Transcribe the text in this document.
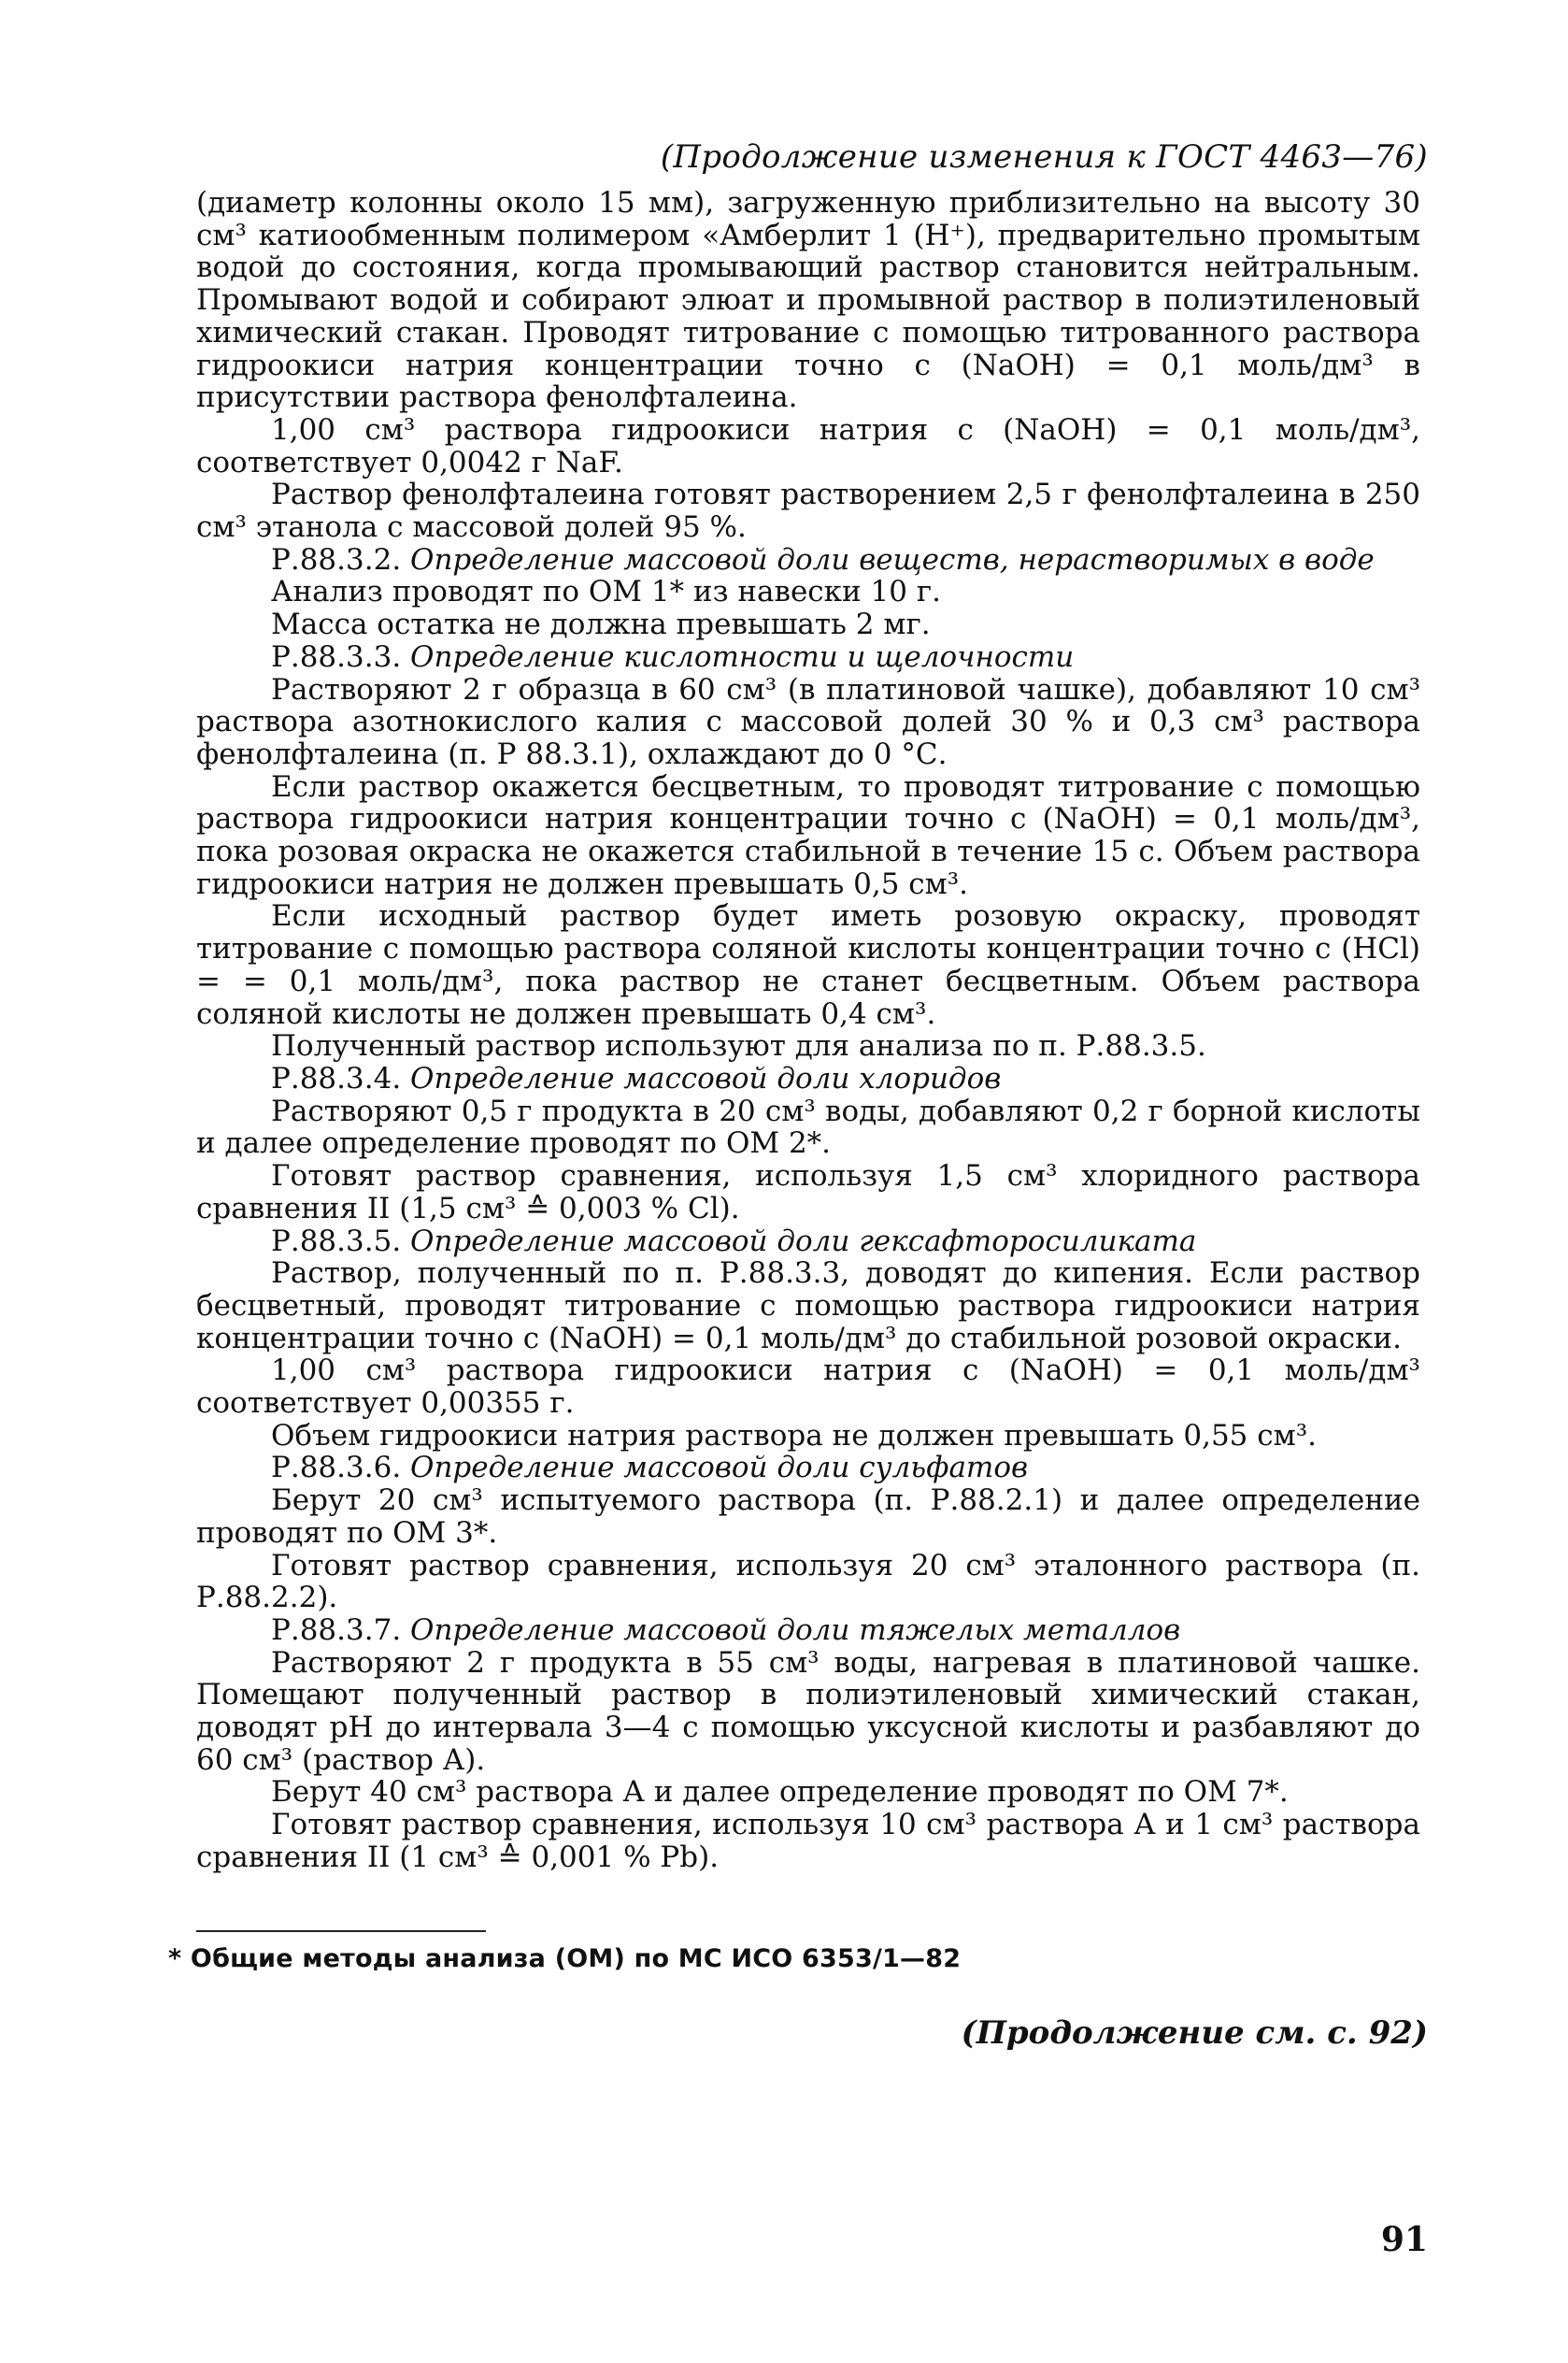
(Продолжение изменения к ГОСТ 4463—76)

(диаметр колонны около 15 мм), загруженную приблизительно на высоту 30 см³ катиообменным полимером «Амберлит 1 (H⁺), предварительно промытым водой до состояния, когда промывающий раствор становится нейтральным. Промывают водой и собирают элюат и промывной раствор в полиэтиленовый химический стакан. Проводят титрование с помощью титрованного раствора гидроокиси натрия концентрации точно c (NaOH) = 0,1 моль/дм³ в присутствии раствора фенолфталеина.

1,00 см³ раствора гидроокиси натрия c (NaOH) = 0,1 моль/дм³, соответствует 0,0042 г NaF.

Раствор фенолфталеина готовят растворением 2,5 г фенолфталеина в 250 см³ этанола с массовой долей 95 %.

Р.88.3.2. Определение массовой доли веществ, нерастворимых в воде

Анализ проводят по ОМ 1* из навески 10 г.

Масса остатка не должна превышать 2 мг.

Р.88.3.3. Определение кислотности и щелочности

Растворяют 2 г образца в 60 см³ (в платиновой чашке), добавляют 10 см³ раствора азотнокислого калия с массовой долей 30 % и 0,3 см³ раствора фенолфталеина (п. Р 88.3.1), охлаждают до 0 °С.

Если раствор окажется бесцветным, то проводят титрование с помощью раствора гидроокиси натрия концентрации точно c (NaOH) = 0,1 моль/дм³, пока розовая окраска не окажется стабильной в течение 15 с. Объем раствора гидроокиси натрия не должен превышать 0,5 см³.

Если исходный раствор будет иметь розовую окраску, проводят титрование с помощью раствора соляной кислоты концентрации точно c (HCl) = = 0,1 моль/дм³, пока раствор не станет бесцветным. Объем раствора соляной кислоты не должен превышать 0,4 см³.

Полученный раствор используют для анализа по п. Р.88.3.5.

Р.88.3.4. Определение массовой доли хлоридов

Растворяют 0,5 г продукта в 20 см³ воды, добавляют 0,2 г борной кислоты и далее определение проводят по ОМ 2*.

Готовят раствор сравнения, используя 1,5 см³ хлоридного раствора сравнения II (1,5 см³ ≙ 0,003 % Cl).

Р.88.3.5. Определение массовой доли гексафторосиликата

Раствор, полученный по п. Р.88.3.3, доводят до кипения. Если раствор бесцветный, проводят титрование с помощью раствора гидроокиси натрия концентрации точно c (NaOH) = 0,1 моль/дм³ до стабильной розовой окраски.

1,00 см³ раствора гидроокиси натрия c (NaOH) = 0,1 моль/дм³ соответствует 0,00355 г.

Объем гидроокиси натрия раствора не должен превышать 0,55 см³.

Р.88.3.6. Определение массовой доли сульфатов

Берут 20 см³ испытуемого раствора (п. Р.88.2.1) и далее определение проводят по ОМ 3*.

Готовят раствор сравнения, используя 20 см³ эталонного раствора (п. Р.88.2.2).

Р.88.3.7. Определение массовой доли тяжелых металлов

Растворяют 2 г продукта в 55 см³ воды, нагревая в платиновой чашке. Помещают полученный раствор в полиэтиленовый химический стакан, доводят pH до интервала 3—4 с помощью уксусной кислоты и разбавляют до 60 см³ (раствор А).

Берут 40 см³ раствора А и далее определение проводят по ОМ 7*.

Готовят раствор сравнения, используя 10 см³ раствора А и 1 см³ раствора сравнения II (1 см³ ≙ 0,001 % Pb).

* Общие методы анализа (ОМ) по МС ИСО 6353/1—82
(Продолжение см. с. 92)
91
